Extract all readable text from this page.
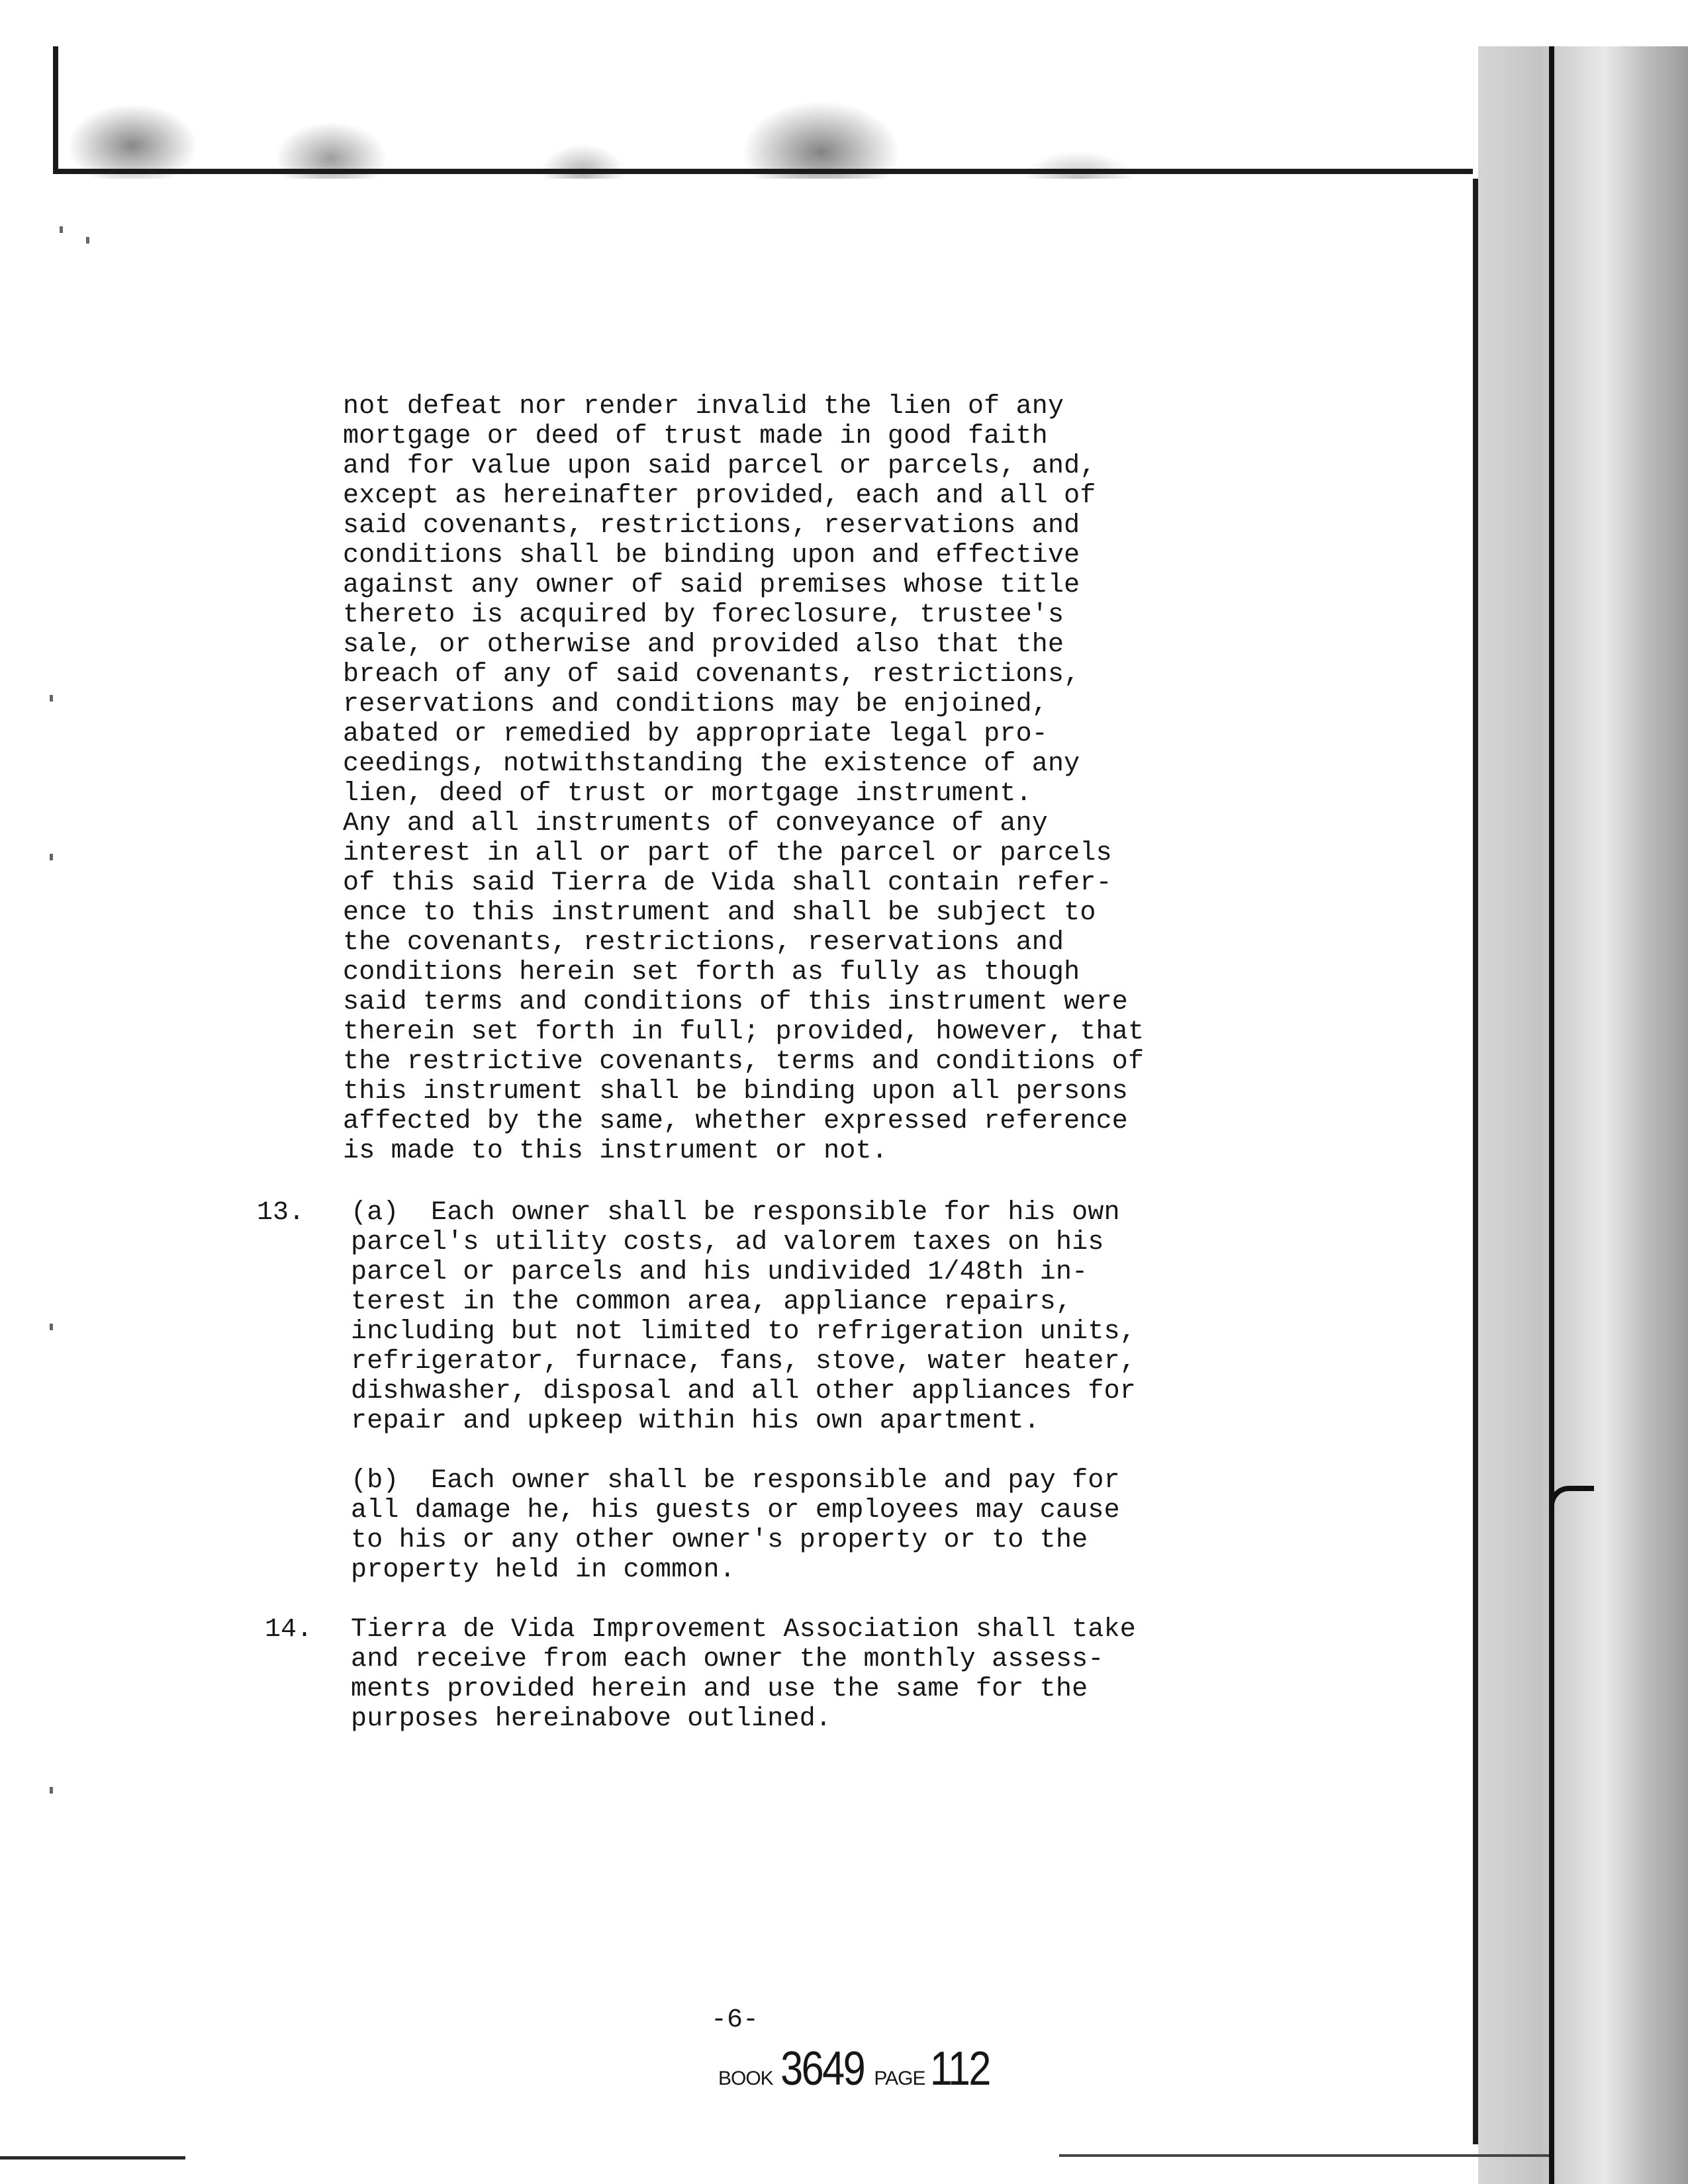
not defeat nor render invalid the lien of any
mortgage or deed of trust made in good faith
and for value upon said parcel or parcels, and,
except as hereinafter provided, each and all of
said covenants, restrictions, reservations and
conditions shall be binding upon and effective
against any owner of said premises whose title
thereto is acquired by foreclosure, trustee's
sale, or otherwise and provided also that the
breach of any of said covenants, restrictions,
reservations and conditions may be enjoined,
abated or remedied by appropriate legal pro-
ceedings, notwithstanding the existence of any
lien, deed of trust or mortgage instrument.
Any and all instruments of conveyance of any
interest in all or part of the parcel or parcels
of this said Tierra de Vida shall contain refer-
ence to this instrument and shall be subject to
the covenants, restrictions, reservations and
conditions herein set forth as fully as though
said terms and conditions of this instrument were
therein set forth in full; provided, however, that
the restrictive covenants, terms and conditions of
this instrument shall be binding upon all persons
affected by the same, whether expressed reference
is made to this instrument or not.
13. (a)  Each owner shall be responsible for his own
parcel's utility costs, ad valorem taxes on his
parcel or parcels and his undivided 1/48th in-
terest in the common area, appliance repairs,
including but not limited to refrigeration units,
refrigerator, furnace, fans, stove, water heater,
dishwasher, disposal and all other appliances for
repair and upkeep within his own apartment.
(b)  Each owner shall be responsible and pay for
all damage he, his guests or employees may cause
to his or any other owner's property or to the
property held in common.
14. Tierra de Vida Improvement Association shall take
and receive from each owner the monthly assess-
ments provided herein and use the same for the
purposes hereinabove outlined.
-6-
BOOK 3649 PAGE 112
